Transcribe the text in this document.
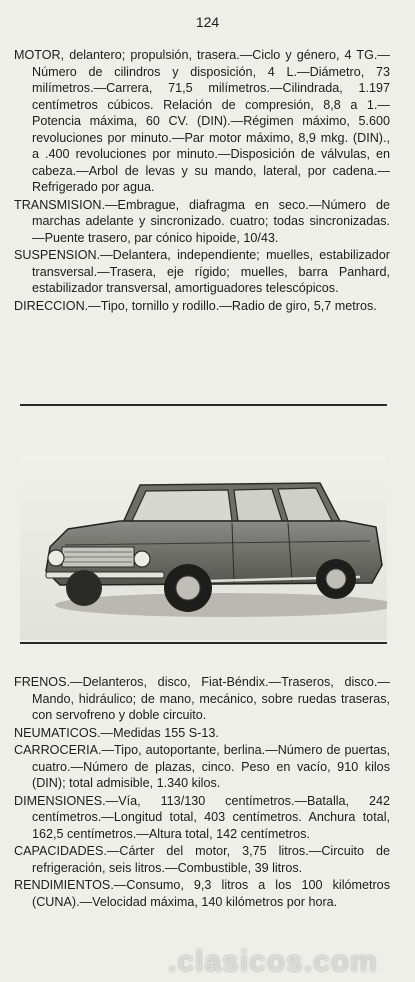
124

MOTOR, delantero; propulsión, trasera.—Ciclo y género, 4 TG.—Número de cilindros y disposición, 4 L.—Diámetro, 73 milímetros.—Carrera, 71,5 milímetros.—Cilindrada, 1.197 centímetros cúbicos. Relación de compresión, 8,8 a 1.—Potencia máxima, 60 CV. (DIN).—Régimen máximo, 5.600 revoluciones por minuto.—Par motor máximo, 8,9 mkg. (DIN)., a .400 revoluciones por minuto.—Disposición de válvulas, en cabeza.—Arbol de levas y su mando, lateral, por cadena.—Refrigerado por agua.

TRANSMISION.—Embrague, diafragma en seco.—Número de marchas adelante y sincronizado. cuatro; todas sincronizadas.—Puente trasero, par cónico hipoide, 10/43.

SUSPENSION.—Delantera, independiente; muelles, estabilizador transversal.—Trasera, eje rígido; muelles, barra Panhard, estabilizador transversal, amortiguadores telescópicos.

DIRECCION.—Tipo, tornillo y rodillo.—Radio de giro, 5,7 metros.

FRENOS.—Delanteros, disco, Fiat-Béndix.—Traseros, disco.—Mando, hidráulico; de mano, mecánico, sobre ruedas traseras, con servofreno y doble circuito.

NEUMATICOS.—Medidas 155 S-13.

CARROCERIA.—Tipo, autoportante, berlina.—Número de puertas, cuatro.—Número de plazas, cinco. Peso en vacío, 910 kilos (DIN); total admisible, 1.340 kilos.

DIMENSIONES.—Vía, 113/130 centímetros.—Batalla, 242 centímetros.—Longitud total, 403 centímetros. Anchura total, 162,5 centímetros.—Altura total, 142 centímetros.

CAPACIDADES.—Cárter del motor, 3,75 litros.—Circuito de refrigeración, seis litros.—Combustible, 39 litros.

RENDIMIENTOS.—Consumo, 9,3 litros a los 100 kilómetros (CUNA).—Velocidad máxima, 140 kilómetros por hora.

.clasicos.com
